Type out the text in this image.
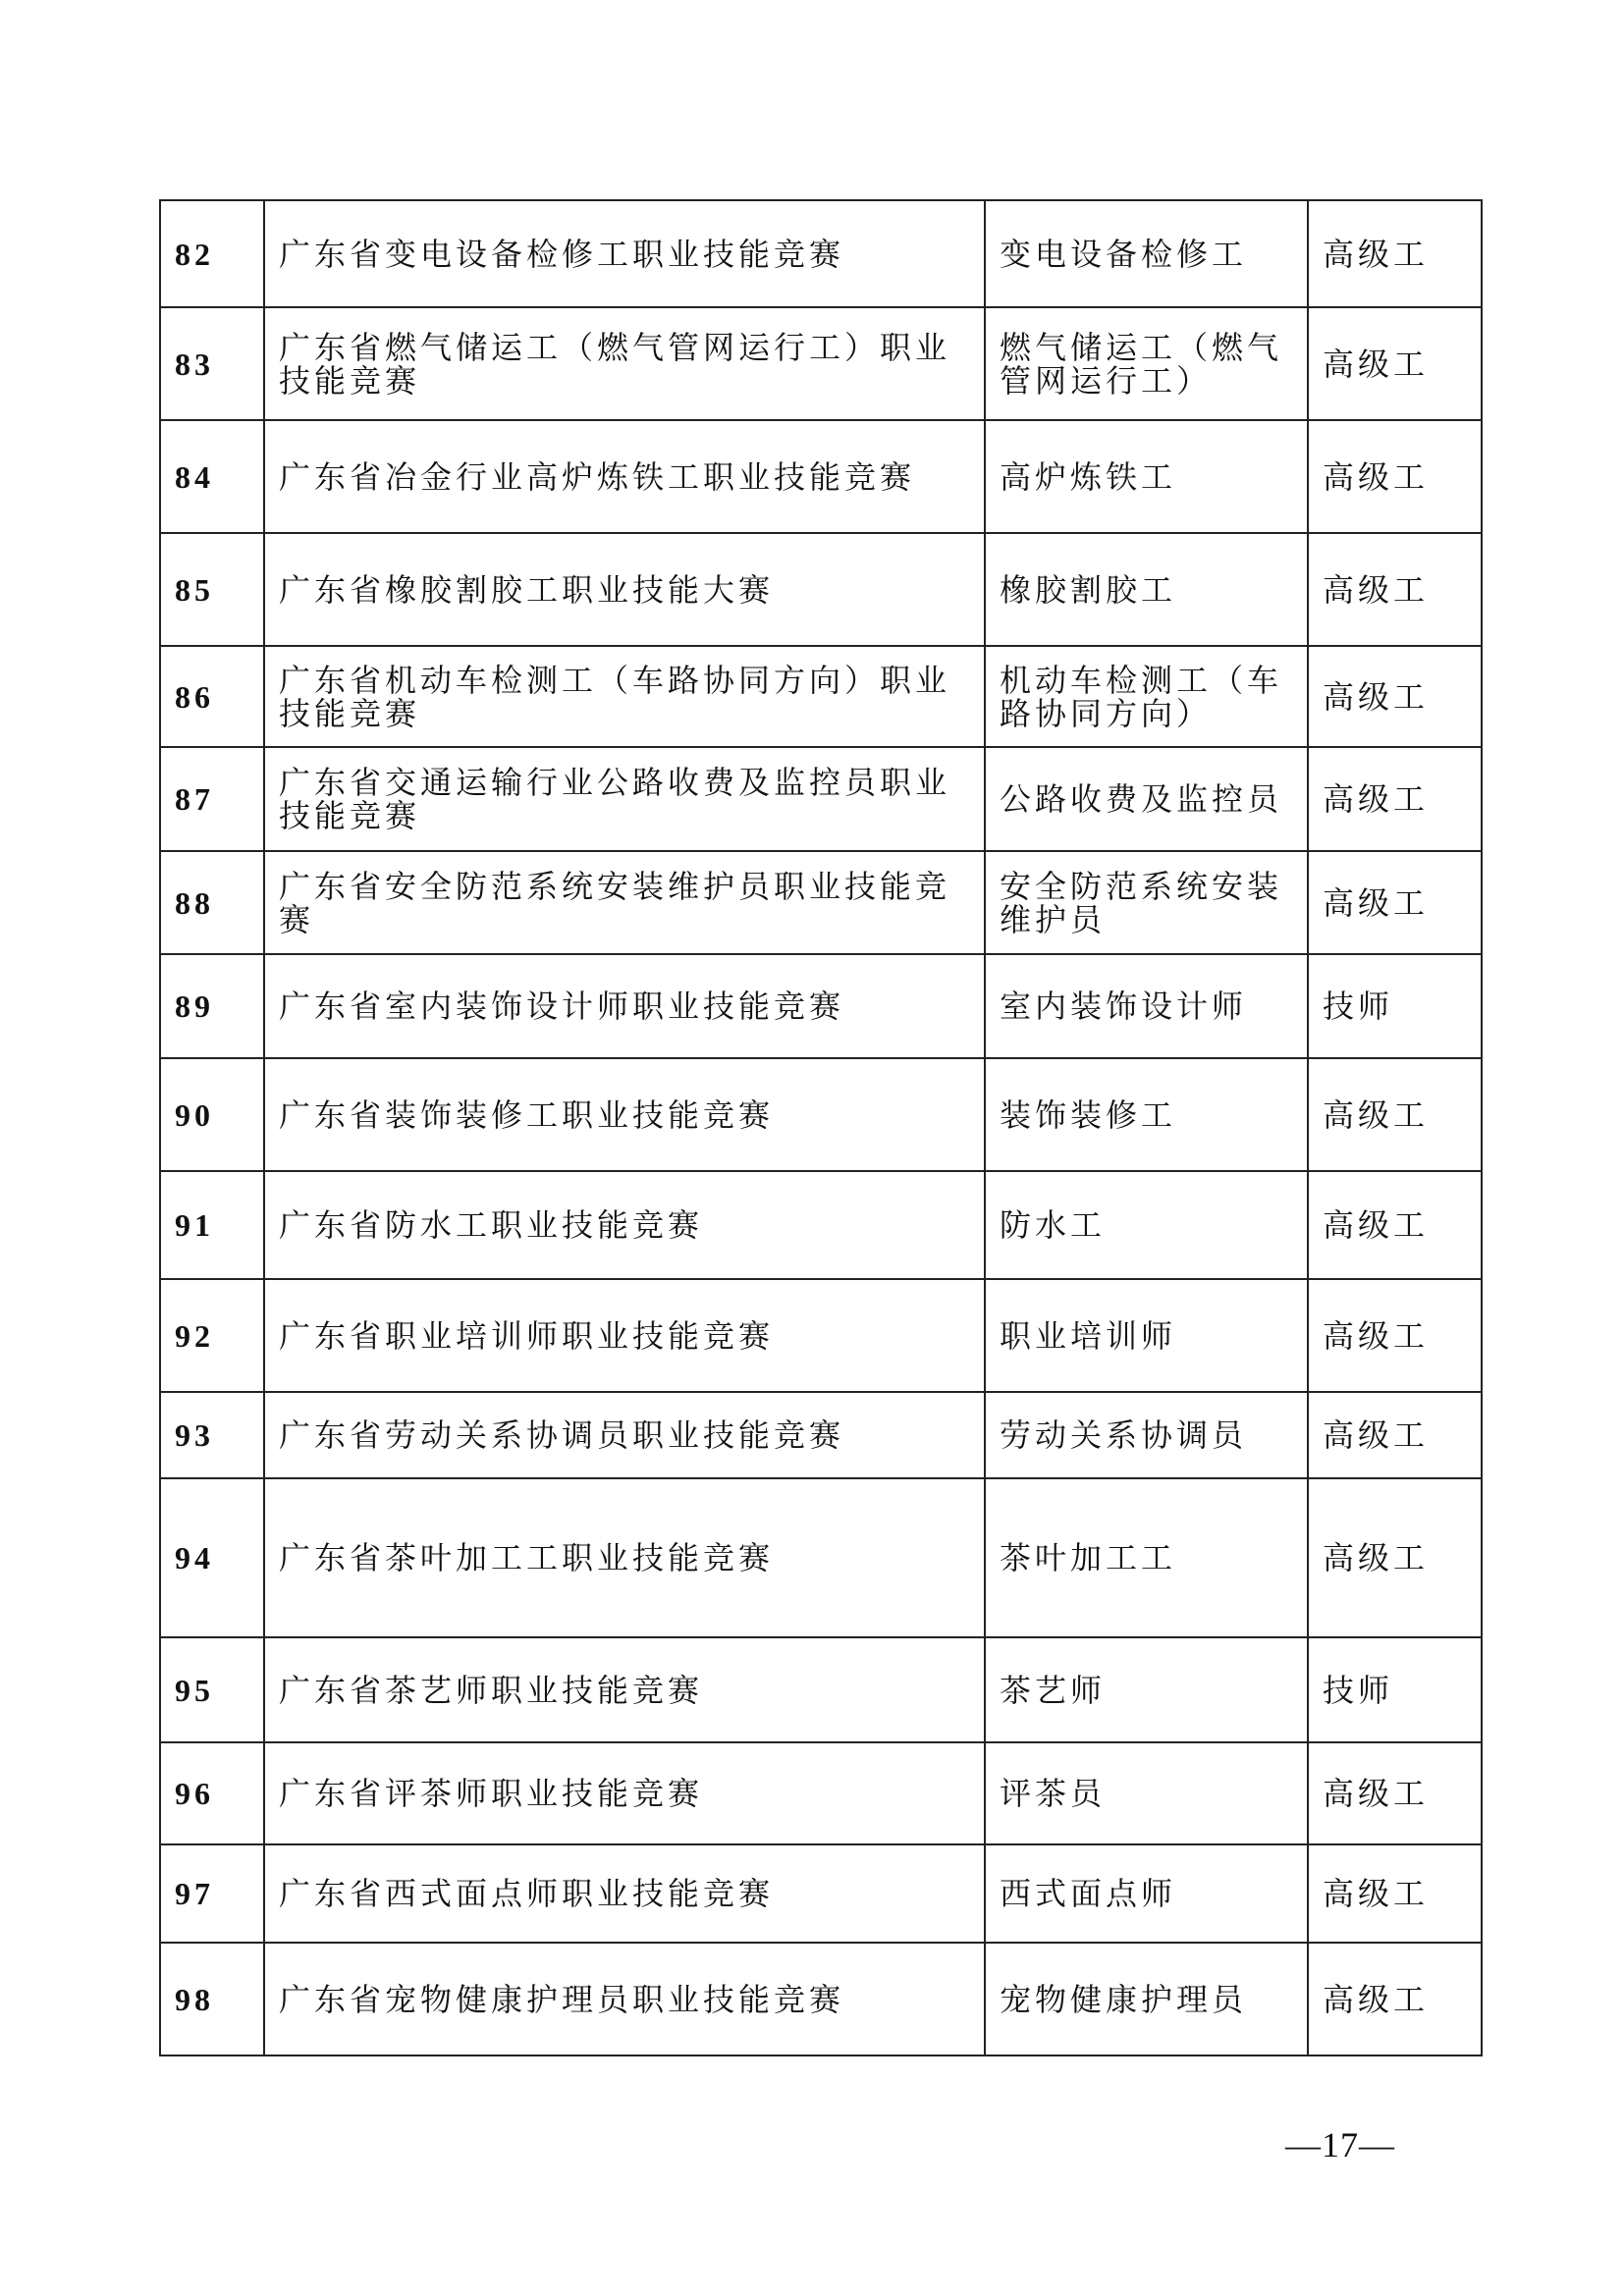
82	广东省变电设备检修工职业技能竞赛	变电设备检修工	高级工
83	广东省燃气储运工（燃气管网运行工）职业技能竞赛	燃气储运工（燃气管网运行工）	高级工
84	广东省冶金行业高炉炼铁工职业技能竞赛	高炉炼铁工	高级工
85	广东省橡胶割胶工职业技能大赛	橡胶割胶工	高级工
86	广东省机动车检测工（车路协同方向）职业技能竞赛	机动车检测工（车路协同方向）	高级工
87	广东省交通运输行业公路收费及监控员职业技能竞赛	公路收费及监控员	高级工
88	广东省安全防范系统安装维护员职业技能竞赛	安全防范系统安装维护员	高级工
89	广东省室内装饰设计师职业技能竞赛	室内装饰设计师	技师
90	广东省装饰装修工职业技能竞赛	装饰装修工	高级工
91	广东省防水工职业技能竞赛	防水工	高级工
92	广东省职业培训师职业技能竞赛	职业培训师	高级工
93	广东省劳动关系协调员职业技能竞赛	劳动关系协调员	高级工
94	广东省茶叶加工工职业技能竞赛	茶叶加工工	高级工
95	广东省茶艺师职业技能竞赛	茶艺师	技师
96	广东省评茶师职业技能竞赛	评茶员	高级工
97	广东省西式面点师职业技能竞赛	西式面点师	高级工
98	广东省宠物健康护理员职业技能竞赛	宠物健康护理员	高级工
—17—
